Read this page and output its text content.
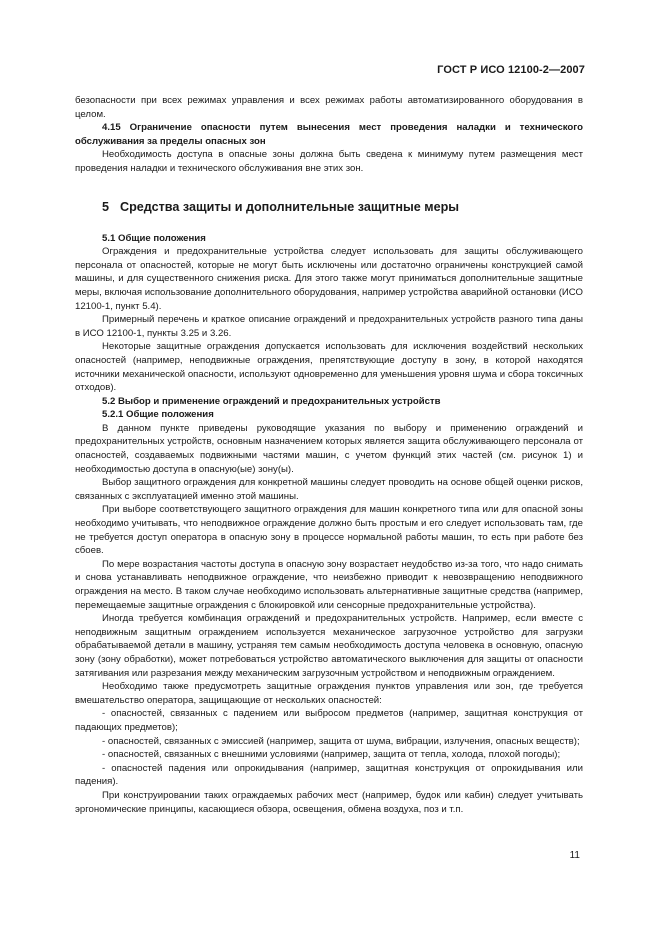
ГОСТ Р ИСО 12100-2—2007

безопасности при всех режимах управления и всех режимах работы автоматизированного оборудования в целом.

4.15 Ограничение опасности путем вынесения мест проведения наладки и технического обслуживания за пределы опасных зон

Необходимость доступа в опасные зоны должна быть сведена к минимуму путем размещения мест проведения наладки и технического обслуживания вне этих зон.

5 Средства защиты и дополнительные защитные меры

5.1 Общие положения

Ограждения и предохранительные устройства следует использовать для защиты обслуживающего персонала от опасностей, которые не могут быть исключены или достаточно ограничены конструкцией самой машины, и для существенного снижения риска. Для этого также могут приниматься дополнительные защитные меры, включая использование дополнительного оборудования, например устройства аварийной остановки (ИСО 12100-1, пункт 5.4).

Примерный перечень и краткое описание ограждений и предохранительных устройств разного типа даны в ИСО 12100-1, пункты 3.25 и 3.26.

Некоторые защитные ограждения допускается использовать для исключения воздействий нескольких опасностей (например, неподвижные ограждения, препятствующие доступу в зону, в которой находятся источники механической опасности, используют одновременно для уменьшения уровня шума и сбора токсичных отходов).

5.2 Выбор и применение ограждений и предохранительных устройств

5.2.1 Общие положения

В данном пункте приведены руководящие указания по выбору и применению ограждений и предохранительных устройств, основным назначением которых является защита обслуживающего персонала от опасностей, создаваемых подвижными частями машин, с учетом функций этих частей (см. рисунок 1) и необходимостью доступа в опасную(ые) зону(ы).

Выбор защитного ограждения для конкретной машины следует проводить на основе общей оценки рисков, связанных с эксплуатацией именно этой машины.

При выборе соответствующего защитного ограждения для машин конкретного типа или для опасной зоны необходимо учитывать, что неподвижное ограждение должно быть простым и его следует использовать там, где не требуется доступ оператора в опасную зону в процессе нормальной работы машин, то есть при работе без сбоев.

По мере возрастания частоты доступа в опасную зону возрастает неудобство из-за того, что надо снимать и снова устанавливать неподвижное ограждение, что неизбежно приводит к невозвращению неподвижного ограждения на место. В таком случае необходимо использовать альтернативные защитные средства (например, перемещаемые защитные ограждения с блокировкой или сенсорные предохранительные устройства).

Иногда требуется комбинация ограждений и предохранительных устройств. Например, если вместе с неподвижным защитным ограждением используется механическое загрузочное устройство для загрузки обрабатываемой детали в машину, устраняя тем самым необходимость доступа человека в основную, опасную зону (зону обработки), может потребоваться устройство автоматического выключения для защиты от опасности затягивания или разрезания между механическим загрузочным устройством и неподвижным ограждением.

Необходимо также предусмотреть защитные ограждения пунктов управления или зон, где требуется вмешательство оператора, защищающие от нескольких опасностей:

- опасностей, связанных с падением или выбросом предметов (например, защитная конструкция от падающих предметов);

- опасностей, связанных с эмиссией (например, защита от шума, вибрации, излучения, опасных веществ);

- опасностей, связанных с внешними условиями (например, защита от тепла, холода, плохой погоды);

- опасностей падения или опрокидывания (например, защитная конструкция от опрокидывания или падения).

При конструировании таких ограждаемых рабочих мест (например, будок или кабин) следует учитывать эргономические принципы, касающиеся обзора, освещения, обмена воздуха, поз и т.п.

11
